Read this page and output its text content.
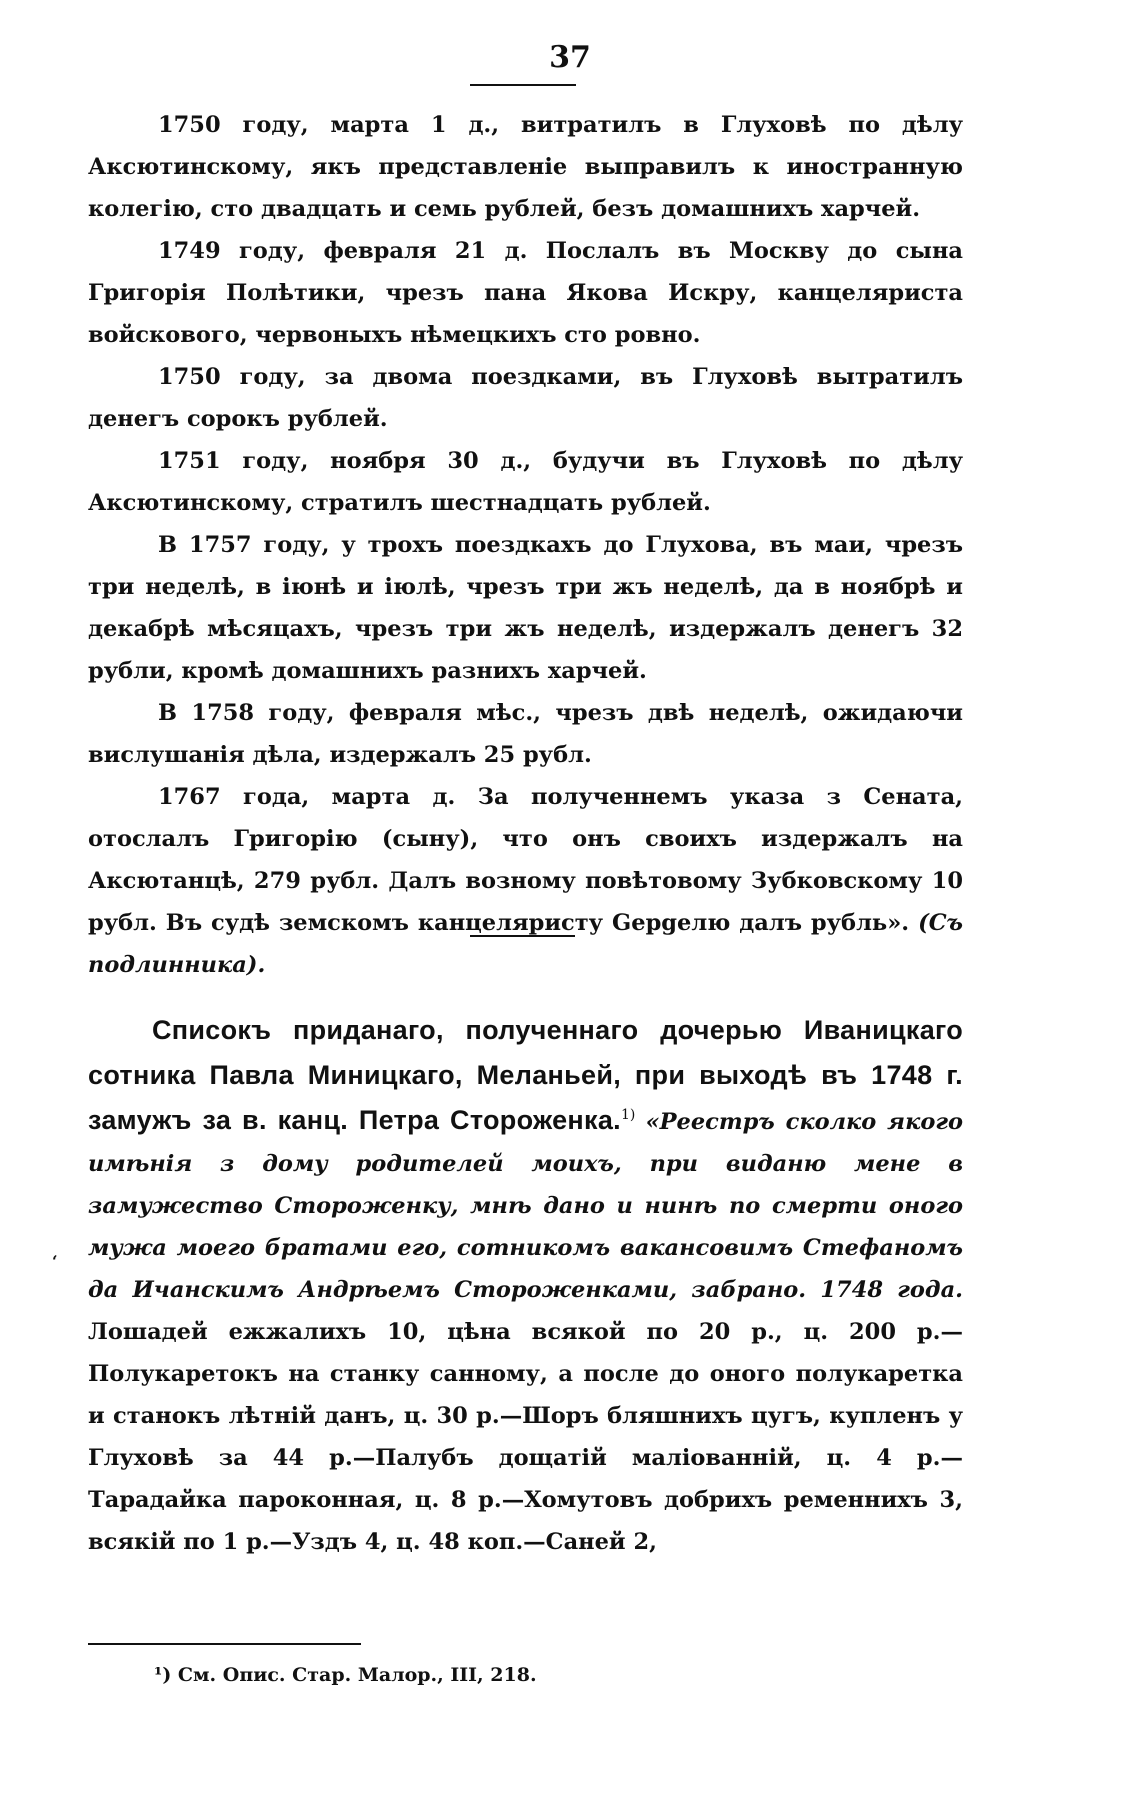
37

1750 году, марта 1 д., витратилъ в Глуховѣ по дѣлу Аксютинскому, якъ представленіе выправилъ к иностранную колегію, сто двадцать и семь рублей, безъ домашнихъ харчей.

1749 году, февраля 21 д. Послалъ въ Москву до сына Григорія Полѣтики, чрезъ пана Якова Искру, канцеляриста войскового, червоныхъ нѣмецкихъ сто ровно.

1750 году, за двома поездками, въ Глуховѣ вытратилъ денегъ сорокъ рублей.

1751 году, ноября 30 д., будучи въ Глуховѣ по дѣлу Аксютинскому, стратилъ шестнадцать рублей.

В 1757 году, у трохъ поездкахъ до Глухова, въ маи, чрезъ три неделѣ, в іюнѣ и іюлѣ, чрезъ три жъ неделѣ, да в ноябрѣ и декабрѣ мѣсяцахъ, чрезъ три жъ неделѣ, издержалъ денегъ 32 рубли, кромѣ домашнихъ разнихъ харчей.

В 1758 году, февраля мѣс., чрезъ двѣ неделѣ, ожидаючи вислушанія дѣла, издержалъ 25 рубл.

1767 года, марта д. За полученнемъ указа з Сената, отослалъ Григорію (сыну), что онъ своихъ издержалъ на Аксютанцѣ, 279 рубл. Далъ возному повѣтовому Зубковскому 10 рубл. Въ судѣ земскомъ канцеляристу Gерgелю далъ рубль». (Съ подлинника).

‘
Списокъ приданаго, полученнаго дочерью Иваницкаго сотника Павла Миницкаго, Меланьей, при выходѣ въ 1748 г. замужъ за в. канц. Петра Стороженка.$^{1)}$ «Реестръ сколко якого имѣнія з дому родителей моихъ, при виданю мене в замужество Стороженку, мнѣ дано и нинѣ по смерти оного мужа моего братами его, сотникомъ вакансовимъ Стефаномъ да Ичанскимъ Андрѣемъ Стороженками, забрано. 1748 года. Лошадей ежжалихъ 10, цѣна всякой по 20 р., ц. 200 р.—Полукаретокъ на станку санному, а после до оного полукаретка и станокъ лѣтній данъ, ц. 30 р.—Шоръ бляшнихъ цугъ, купленъ у Глуховѣ за 44 р.—Палубъ дощатій маліованній, ц. 4 р.—Тарадайка пароконная, ц. 8 р.—Хомутовъ добрихъ ременнихъ 3, всякій по 1 р.—Уздъ 4, ц. 48 коп.—Саней 2,
¹) См. Опис. Стар. Малор., III, 218.
